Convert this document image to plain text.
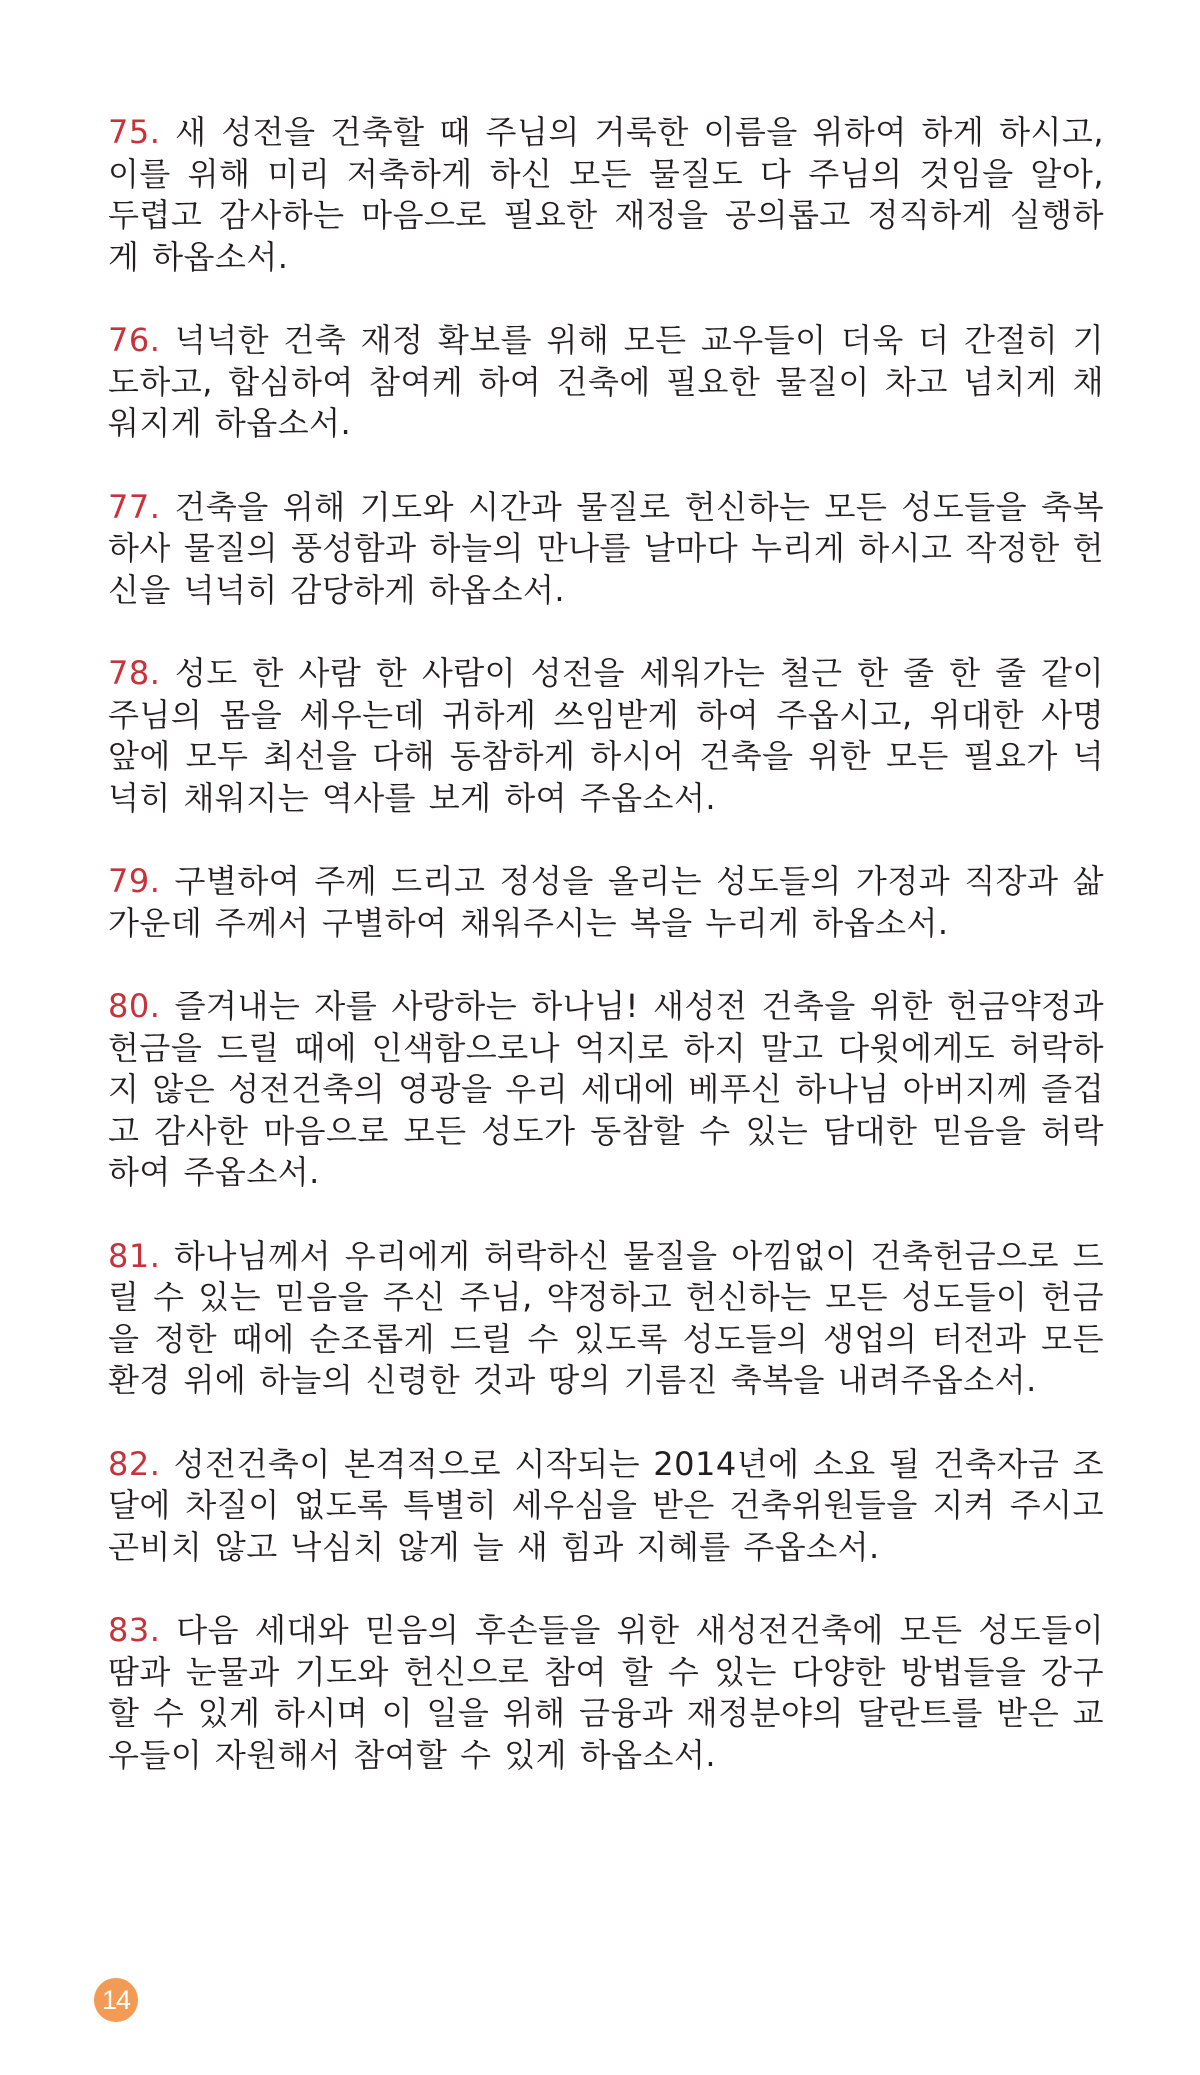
75. 새 성전을 건축할 때 주님의 거룩한 이름을 위하여 하게 하시고, 이를 위해 미리 저축하게 하신 모든 물질도 다 주님의 것임을 알아, 두렵고 감사하는 마음으로 필요한 재정을 공의롭고 정직하게 실행하게 하옵소서.

76. 넉넉한 건축 재정 확보를 위해 모든 교우들이 더욱 더 간절히 기도하고, 합심하여 참여케 하여 건축에 필요한 물질이 차고 넘치게 채워지게 하옵소서.

77. 건축을 위해 기도와 시간과 물질로 헌신하는 모든 성도들을 축복하사 물질의 풍성함과 하늘의 만나를 날마다 누리게 하시고 작정한 헌신을 넉넉히 감당하게 하옵소서.

78. 성도 한 사람 한 사람이 성전을 세워가는 철근 한 줄 한 줄 같이 주님의 몸을 세우는데 귀하게 쓰임받게 하여 주옵시고, 위대한 사명 앞에 모두 최선을 다해 동참하게 하시어 건축을 위한 모든 필요가 넉넉히 채워지는 역사를 보게 하여 주옵소서.

79. 구별하여 주께 드리고 정성을 올리는 성도들의 가정과 직장과 삶 가운데 주께서 구별하여 채워주시는 복을 누리게 하옵소서.

80. 즐겨내는 자를 사랑하는 하나님! 새성전 건축을 위한 헌금약정과 헌금을 드릴 때에 인색함으로나 억지로 하지 말고 다윗에게도 허락하지 않은 성전건축의 영광을 우리 세대에 베푸신 하나님 아버지께 즐겁고 감사한 마음으로 모든 성도가 동참할 수 있는 담대한 믿음을 허락하여 주옵소서.

81. 하나님께서 우리에게 허락하신 물질을 아낌없이 건축헌금으로 드릴 수 있는 믿음을 주신 주님, 약정하고 헌신하는 모든 성도들이 헌금을 정한 때에 순조롭게 드릴 수 있도록 성도들의 생업의 터전과 모든 환경 위에 하늘의 신령한 것과 땅의 기름진 축복을 내려주옵소서.

82. 성전건축이 본격적으로 시작되는 2014년에 소요 될 건축자금 조달에 차질이 없도록 특별히 세우심을 받은 건축위원들을 지켜 주시고 곤비치 않고 낙심치 않게 늘 새 힘과 지혜를 주옵소서.

83. 다음 세대와 믿음의 후손들을 위한 새성전건축에 모든 성도들이 땀과 눈물과 기도와 헌신으로 참여 할 수 있는 다양한 방법들을 강구할 수 있게 하시며 이 일을 위해 금융과 재정분야의 달란트를 받은 교우들이 자원해서 참여할 수 있게 하옵소서.

14
